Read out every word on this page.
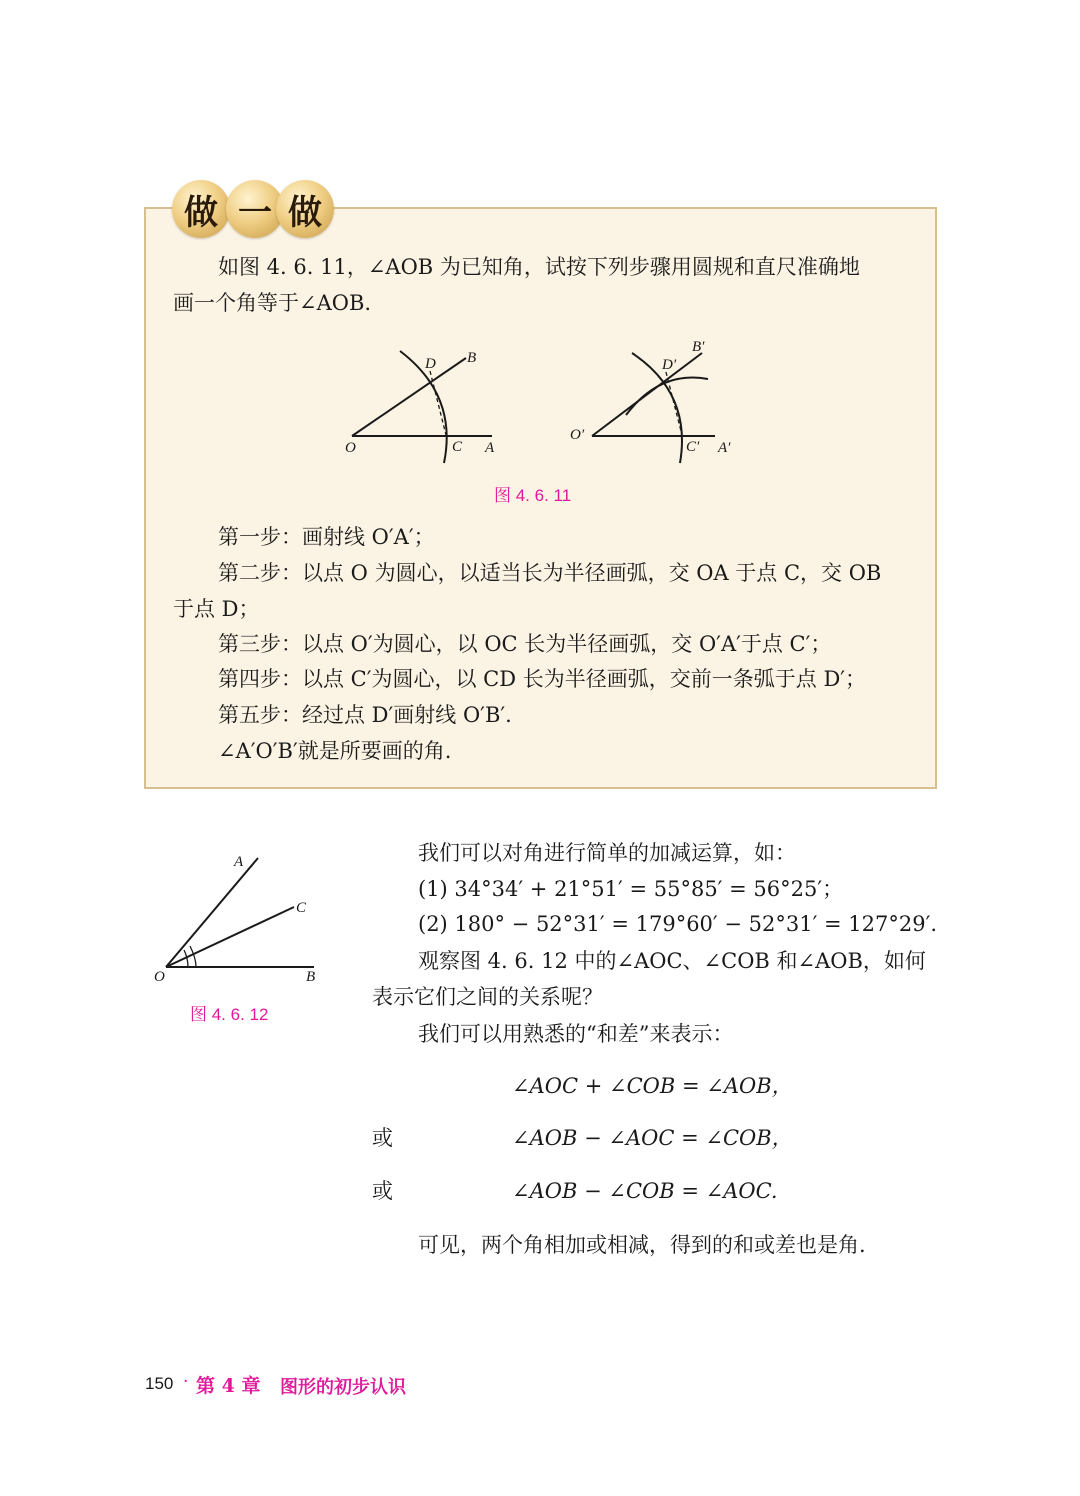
做 一 做
如图 4. 6. 11，∠AOB 为已知角，试按下列步骤用圆规和直尺准确地
画一个角等于∠AOB.
O	A
B
C
D
O′
A′
B′
C′
D′
图 4. 6. 11
第一步：画射线 O′A′；
第二步：以点 O 为圆心，以适当长为半径画弧，交 OA 于点 C，交 OB
于点 D；
第三步：以点 O′为圆心，以 OC 长为半径画弧，交 O′A′于点 C′；
第四步：以点 C′为圆心，以 CD 长为半径画弧，交前一条弧于点 D′；
第五步：经过点 D′画射线 O′B′.
∠A′O′B′就是所要画的角.
A
C
O	B
图 4. 6. 12
我们可以对角进行简单的加减运算，如：
(1) 34°34′ + 21°51′ = 55°85′ = 56°25′；
(2) 180° − 52°31′ = 179°60′ − 52°31′ = 127°29′.
观察图 4. 6. 12 中的∠AOC、∠COB 和∠AOB，如何
表示它们之间的关系呢？
我们可以用熟悉的“和差”来表示：
∠AOC + ∠COB = ∠AOB，
或	∠AOB − ∠AOC = ∠COB，
或	∠AOB − ∠COB = ∠AOC.
可见，两个角相加或相减，得到的和或差也是角.
150 · 第 4 章 图形的初步认识
